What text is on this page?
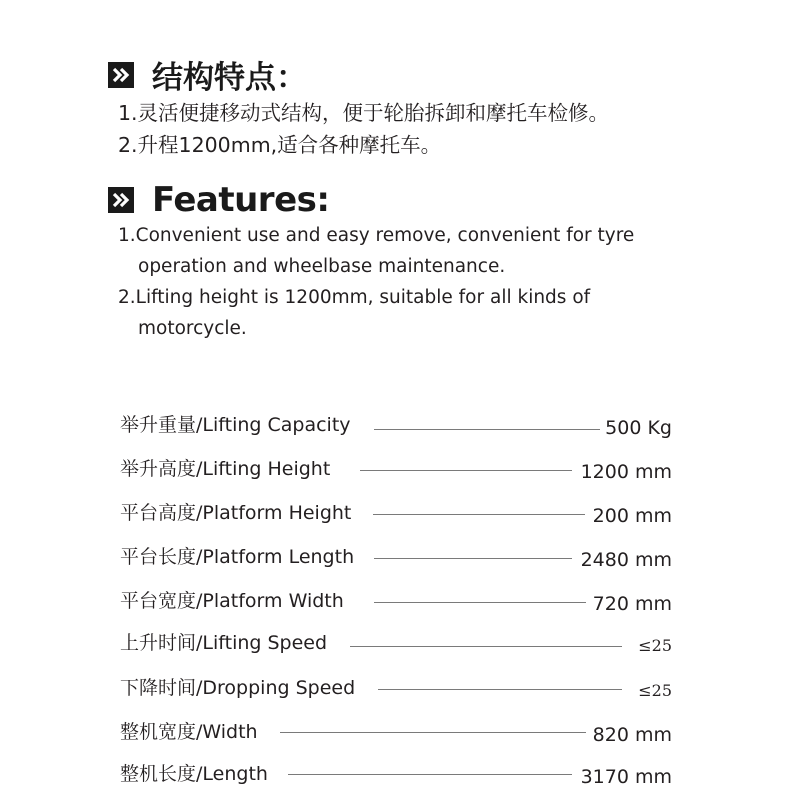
结构特点：
1.灵活便捷移动式结构，便于轮胎拆卸和摩托车检修。
2.升程1200mm,适合各种摩托车。
Features:
1.Convenient use and easy remove, convenient for tyre
operation and wheelbase maintenance.
2.Lifting height is 1200mm, suitable for all kinds of
motorcycle.
举升重量/Lifting Capacity	500 Kg
举升高度/Lifting Height	1200 mm
平台高度/Platform Height	200 mm
平台长度/Platform Length	2480 mm
平台宽度/Platform Width	720 mm
上升时间/Lifting Speed	≤25
下降时间/Dropping Speed	≤25
整机宽度/Width	820 mm
整机长度/Length	3170 mm
